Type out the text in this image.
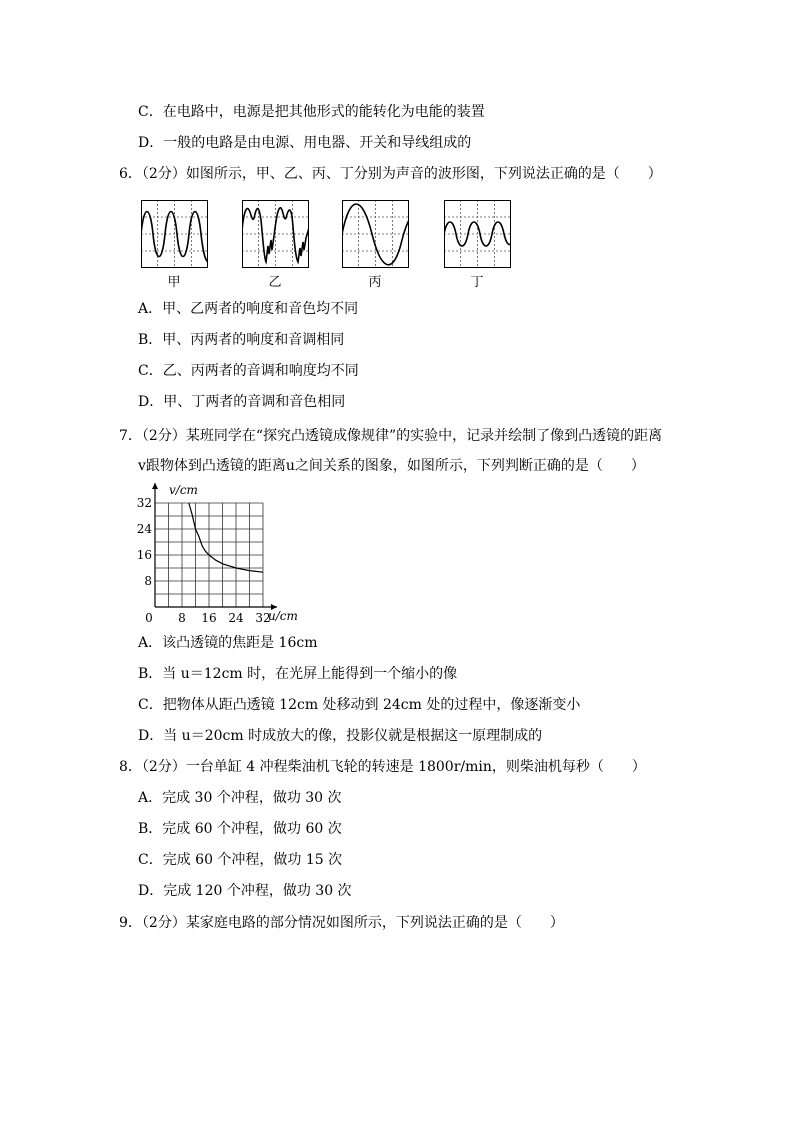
C．在电路中，电源是把其他形式的能转化为电能的装置
D．一般的电路是由电源、用电器、开关和导线组成的
6．（2分）如图所示，甲、乙、丙、丁分别为声音的波形图，下列说法正确的是（　　）
甲	乙	丙	丁
A．甲、乙两者的响度和音色均不同
B．甲、丙两者的响度和音调相同
C．乙、丙两者的音调和响度均不同
D．甲、丁两者的音调和音色相同
7．（2分）某班同学在“探究凸透镜成像规律”的实验中，记录并绘制了像到凸透镜的距离
v跟物体到凸透镜的距离u之间关系的图象，如图所示，下列判断正确的是（　　）
0 8 16 24 32
8
16
24
32
v/cm
u/cm
A．该凸透镜的焦距是 16cm
B．当 u＝12cm 时，在光屏上能得到一个缩小的像
C．把物体从距凸透镜 12cm 处移动到 24cm 处的过程中，像逐渐变小
D．当 u＝20cm 时成放大的像，投影仪就是根据这一原理制成的
8．（2分）一台单缸 4 冲程柴油机飞轮的转速是 1800r/min，则柴油机每秒（　　）
A．完成 30 个冲程，做功 30 次
B．完成 60 个冲程，做功 60 次
C．完成 60 个冲程，做功 15 次
D．完成 120 个冲程，做功 30 次
9．（2分）某家庭电路的部分情况如图所示，下列说法正确的是（　　）
